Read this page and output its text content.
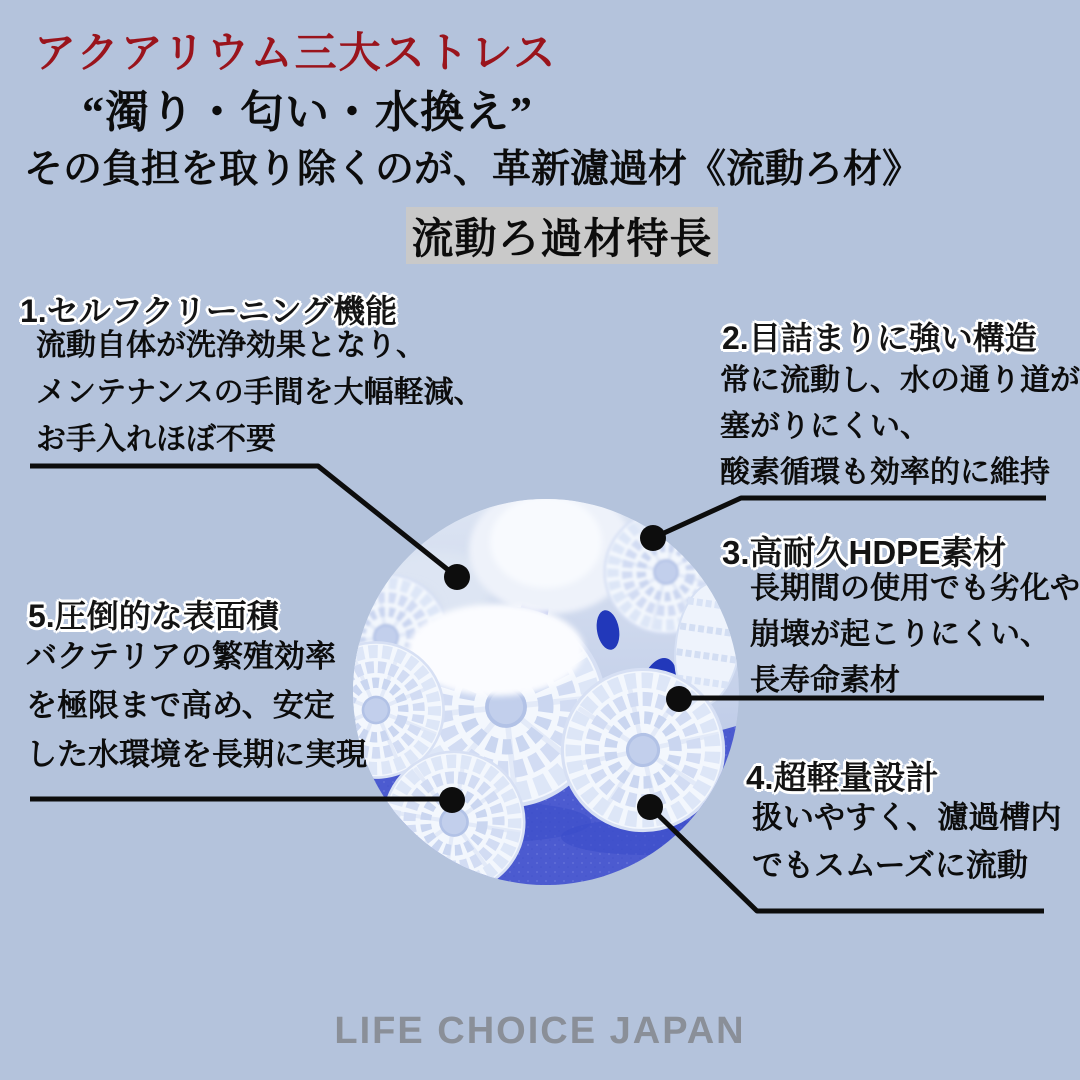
アクアリウム三大ストレス
“濁り・匂い・水換え”
その負担を取り除くのが、革新濾過材《流動ろ材》
流動ろ過材特長
1.セルフクリーニング機能
流動自体が洗浄効果となり、
メンテナンスの手間を大幅軽減、
お手入れほぼ不要
2.目詰まりに強い構造
常に流動し、水の通り道が
塞がりにくい、
酸素循環も効率的に維持
3.高耐久HDPE素材
長期間の使用でも劣化や
崩壊が起こりにくい、
長寿命素材
4.超軽量設計
扱いやすく、濾過槽内
でもスムーズに流動
5.圧倒的な表面積
バクテリアの繁殖効率
を極限まで高め、安定
した水環境を長期に実現
LIFE CHOICE JAPAN
